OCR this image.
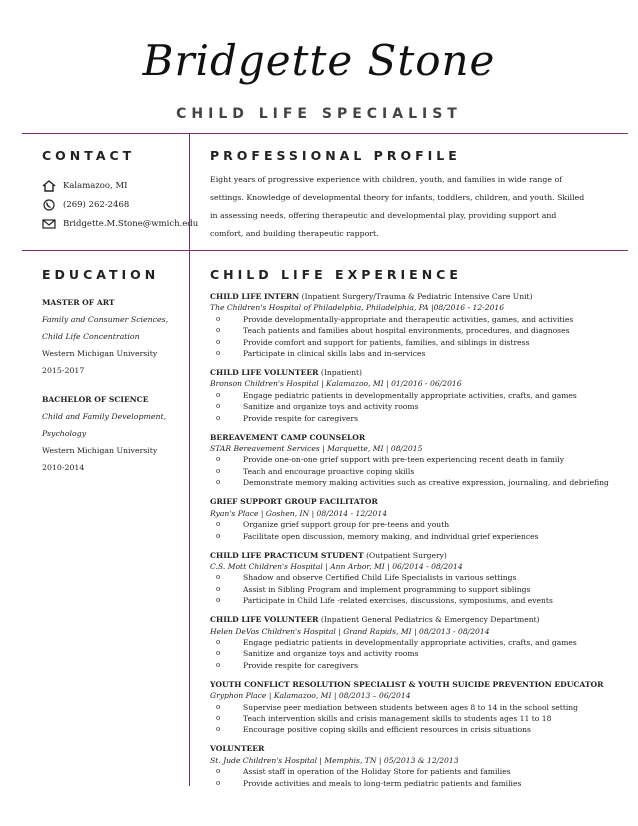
Bridgette Stone
CHILD LIFE SPECIALIST
CONTACT
Kalamazoo, MI
(269) 262-2468
Bridgette.M.Stone@wmich.edu
PROFESSIONAL PROFILE
Eight years of progressive experience with children, youth, and families in wide range of settings. Knowledge of developmental theory for infants, toddlers, children, and youth. Skilled in assessing needs, offering therapeutic and developmental play, providing support and comfort, and building therapeutic rapport.
EDUCATION
MASTER OF ART
Family and Consumer Sciences, Child Life Concentration
Western Michigan University
2015-2017
BACHELOR OF SCIENCE
Child and Family Development, Psychology
Western Michigan University
2010-2014
CHILD LIFE EXPERIENCE
CHILD LIFE INTERN (Inpatient Surgery/Trauma & Pediatric Intensive Care Unit)
The Children's Hospital of Philadelphia, Philadelphia, PA |08/2016 - 12-2016
o Provide developmentally-appropriate and therapeutic activities, games, and activities
o Teach patients and families about hospital environments, procedures, and diagnoses
o Provide comfort and support for patients, families, and siblings in distress
o Participate in clinical skills labs and in-services
CHILD LIFE VOLUNTEER (Inpatient)
Bronson Children's Hospital | Kalamazoo, MI | 01/2016 - 06/2016
o Engage pediatric patients in developmentally appropriate activities, crafts, and games
o Sanitize and organize toys and activity rooms
o Provide respite for caregivers
BEREAVEMENT CAMP COUNSELOR
STAR Bereavement Services | Marquette, MI | 08/2015
o Provide one-on-one grief support with pre-teen experiencing recent death in family
o Teach and encourage proactive coping skills
o Demonstrate memory making activities such as creative expression, journaling, and debriefing
GRIEF SUPPORT GROUP FACILITATOR
Ryan's Place | Goshen, IN | 08/2014 - 12/2014
o Organize grief support group for pre-teens and youth
o Facilitate open discussion, memory making, and individual grief experiences
CHILD LIFE PRACTICUM STUDENT (Outpatient Surgery)
C.S. Mott Children's Hospital | Ann Arbor, MI | 06/2014 - 08/2014
o Shadow and observe Certified Child Life Specialists in various settings
o Assist in Sibling Program and implement programming to support siblings
o Participate in Child Life -related exercises, discussions, symposiums, and events
CHILD LIFE VOLUNTEER (Inpatient General Pediatrics & Emergency Department)
Helen DeVos Children's Hospital | Grand Rapids, MI | 08/2013 - 08/2014
o Engage pediatric patients in developmentally appropriate activities, crafts, and games
o Sanitize and organize toys and activity rooms
o Provide respite for caregivers
YOUTH CONFLICT RESOLUTION SPECIALIST & YOUTH SUICIDE PREVENTION EDUCATOR
Gryphon Place | Kalamazoo, MI | 08/2013 – 06/2014
o Supervise peer mediation between students between ages 8 to 14 in the school setting
o Teach intervention skills and crisis management skills to students ages 11 to 18
o Encourage positive coping skills and efficient resources in crisis situations
VOLUNTEER
St. Jude Children's Hospital | Memphis, TN | 05/2013 & 12/2013
o Assist staff in operation of the Holiday Store for patients and families
o Provide activities and meals to long-term pediatric patients and families
